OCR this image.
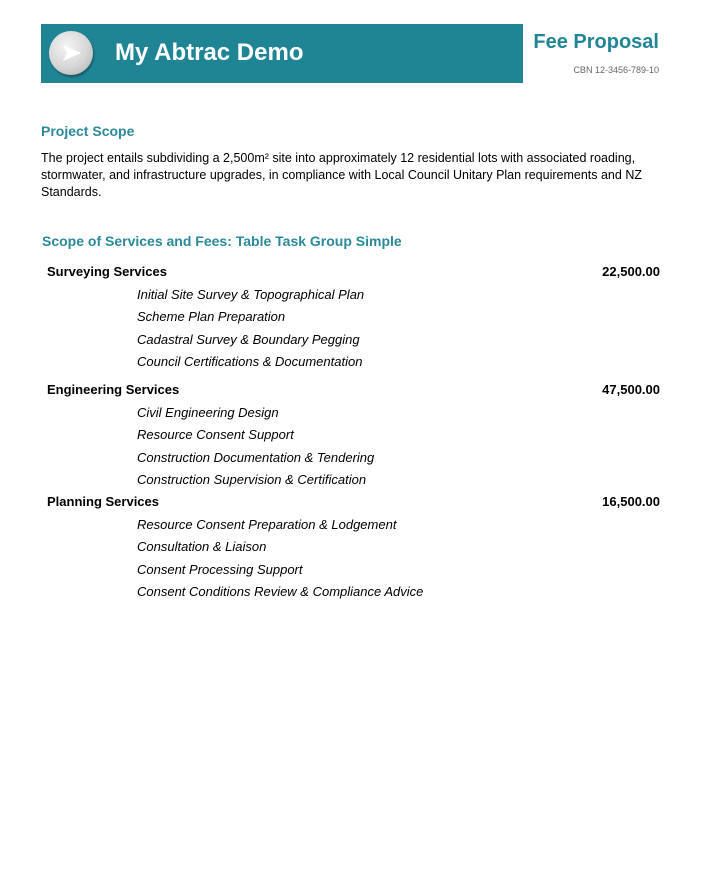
My Abtrac Demo	Fee Proposal
CBN 12-3456-789-10
Project Scope
The project entails subdividing a 2,500m² site into approximately 12 residential lots with associated roading, stormwater, and infrastructure upgrades, in compliance with Local Council Unitary Plan requirements and NZ Standards.
Scope of Services and Fees: Table Task Group Simple
Surveying Services	22,500.00
Initial Site Survey & Topographical Plan
Scheme Plan Preparation
Cadastral Survey & Boundary Pegging
Council Certifications & Documentation
Engineering Services	47,500.00
Civil Engineering Design
Resource Consent Support
Construction Documentation & Tendering
Construction Supervision & Certification
Planning Services	16,500.00
Resource Consent Preparation & Lodgement
Consultation & Liaison
Consent Processing Support
Consent Conditions Review & Compliance Advice
